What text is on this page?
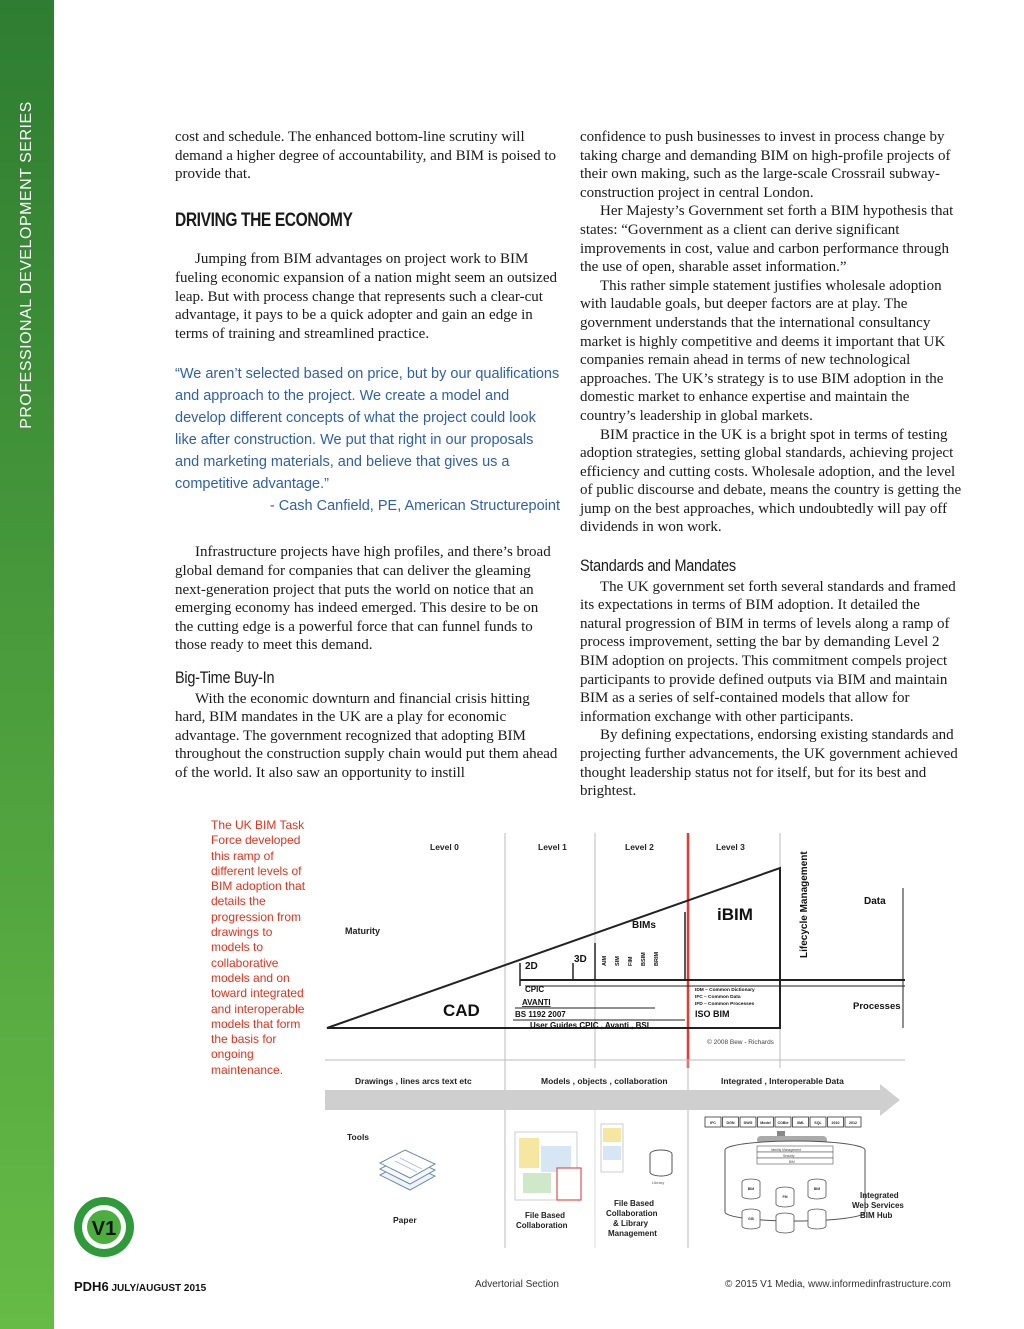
PROFESSIONAL DEVELOPMENT SERIES	cost and schedule. The enhanced bottom-line scrutiny will demand a higher degree of accountability, and BIM is poised to provide that.

DRIVING THE ECONOMY

Jumping from BIM advantages on project work to BIM fueling economic expansion of a nation might seem an outsized leap. But with process change that represents such a clear-cut advantage, it pays to be a quick adopter and gain an edge in terms of training and streamlined practice.

“We aren’t selected based on price, but by our qualifications and approach to the project. We create a model and develop different concepts of what the project could look like after construction. We put that right in our proposals and marketing materials, and believe that gives us a competitive advantage.”
- Cash Canfield, PE, American Structurepoint

Infrastructure projects have high profiles, and there’s broad global demand for companies that can deliver the gleaming next-generation project that puts the world on notice that an emerging economy has indeed emerged. This desire to be on the cutting edge is a powerful force that can funnel funds to those ready to meet this demand.

Big-Time Buy-In

With the economic downturn and financial crisis hitting hard, BIM mandates in the UK are a play for economic advantage. The government recognized that adopting BIM throughout the construction supply chain would put them ahead of the world. It also saw an opportunity to instill

confidence to push businesses to invest in process change by taking charge and demanding BIM on high-profile projects of their own making, such as the large-scale Crossrail subway-construction project in central London.

Her Majesty’s Government set forth a BIM hypothesis that states: “Government as a client can derive significant improvements in cost, value and carbon performance through the use of open, sharable asset information.”

This rather simple statement justifies wholesale adoption with laudable goals, but deeper factors are at play. The government understands that the international consultancy market is highly competitive and deems it important that UK companies remain ahead in terms of new technological approaches. The UK’s strategy is to use BIM adoption in the domestic market to enhance expertise and maintain the country’s leadership in global markets.

BIM practice in the UK is a bright spot in terms of testing adoption strategies, setting global standards, achieving project efficiency and cutting costs. Wholesale adoption, and the level of public discourse and debate, means the country is getting the jump on the best approaches, which undoubtedly will pay off dividends in won work.

Standards and Mandates

The UK government set forth several standards and framed its expectations in terms of BIM adoption. It detailed the natural progression of BIM in terms of levels along a ramp of process improvement, setting the bar by demanding Level 2 BIM adoption on projects. This commitment compels project participants to provide defined outputs via BIM and maintain BIM as a series of self-contained models that allow for information exchange with other participants.

By defining expectations, endorsing existing standards and projecting further advancements, the UK government achieved thought leadership status not for itself, but for its best and brightest.

The UK BIM Task Force developed this ramp of different levels of BIM adoption that details the progression from drawings to models to collaborative models and on toward integrated and interoperable models that form the basis for ongoing maintenance.
Level 0	Level 1	Level 2	Level 3
Maturity
CAD
2D
3D
BIMs
AIM SIM FIM BSIM BRIM
iBIM	Lifecycle Management	Data
Processes
CPIC
AVANTI
BS 1192 2007
User Guides CPIC , Avanti , BSI
IDM – Common Dictionary
IFC – Common Data
IFD – Common Processes
ISO BIM
© 2008 Bew - Richards
Drawings , lines arcs text etc	Models , objects , collaboration	Integrated , Interoperable Data
Tools
Paper	File Based Collaboration
Library
File Based Collaboration & Library Management
IFC	DGN	DWG Model COBie XML	SQL	2010	2012
Identity Management
Security
BIM
BIM
FM
BIM
GIS
Integrated Web Services BIM Hub
V1
PDH6 JULY/AUGUST 2015	Advertorial Section	© 2015 V1 Media, www.informedinfrastructure.com
